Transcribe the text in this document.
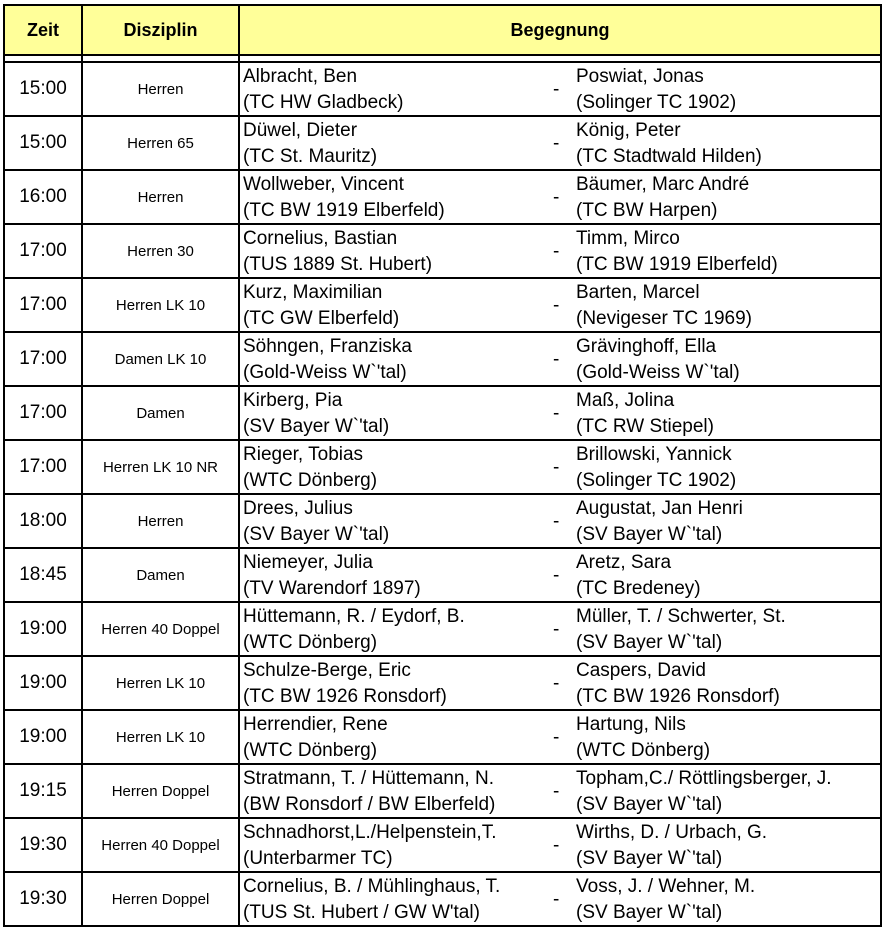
Zeit	Disziplin	Begegnung

15:00	Herren	Albracht, Ben
(TC HW Gladbeck)
-
Poswiat, Jonas
(Solinger TC 1902)

15:00	Herren 65	Düwel, Dieter
(TC St. Mauritz)
-
König, Peter
(TC Stadtwald Hilden)

16:00	Herren	Wollweber, Vincent
(TC BW 1919 Elberfeld)
-
Bäumer, Marc André
(TC BW Harpen)

17:00	Herren 30	Cornelius, Bastian
(TUS 1889 St. Hubert)
-
Timm, Mirco
(TC BW 1919 Elberfeld)

17:00	Herren LK 10	Kurz, Maximilian
(TC GW Elberfeld)
-
Barten, Marcel
(Nevigeser TC 1969)

17:00	Damen LK 10	Söhngen, Franziska
(Gold-Weiss W`'tal)
-
Grävinghoff, Ella
(Gold-Weiss W`'tal)

17:00	Damen	Kirberg, Pia
(SV Bayer W`'tal)
-
Maß, Jolina
(TC RW Stiepel)

17:00	Herren LK 10 NR	Rieger, Tobias
(WTC Dönberg)
-
Brillowski, Yannick
(Solinger TC 1902)

18:00	Herren	Drees, Julius
(SV Bayer W`'tal)
-
Augustat, Jan Henri
(SV Bayer W`'tal)

18:45	Damen	Niemeyer, Julia
(TV Warendorf 1897)
-
Aretz, Sara
(TC Bredeney)

19:00	Herren 40 Doppel	Hüttemann, R. / Eydorf, B.
(WTC Dönberg)
-
Müller, T. / Schwerter, St.
(SV Bayer W`'tal)

19:00	Herren LK 10	Schulze-Berge, Eric
(TC BW 1926 Ronsdorf)
-
Caspers, David
(TC BW 1926 Ronsdorf)

19:00	Herren LK 10	Herrendier, Rene
(WTC Dönberg)
-
Hartung, Nils
(WTC Dönberg)

19:15	Herren Doppel	Stratmann, T. / Hüttemann, N.
(BW Ronsdorf / BW Elberfeld)
-
Topham,C./ Röttlingsberger, J.
(SV Bayer W`'tal)

19:30	Herren 40 Doppel	Schnadhorst,L./Helpenstein,T.
(Unterbarmer TC)
-
Wirths, D. / Urbach, G.
(SV Bayer W`'tal)

19:30	Herren Doppel	Cornelius, B. / Mühlinghaus, T.
(TUS St. Hubert / GW W'tal)
-
Voss, J. / Wehner, M.
(SV Bayer W`'tal)
